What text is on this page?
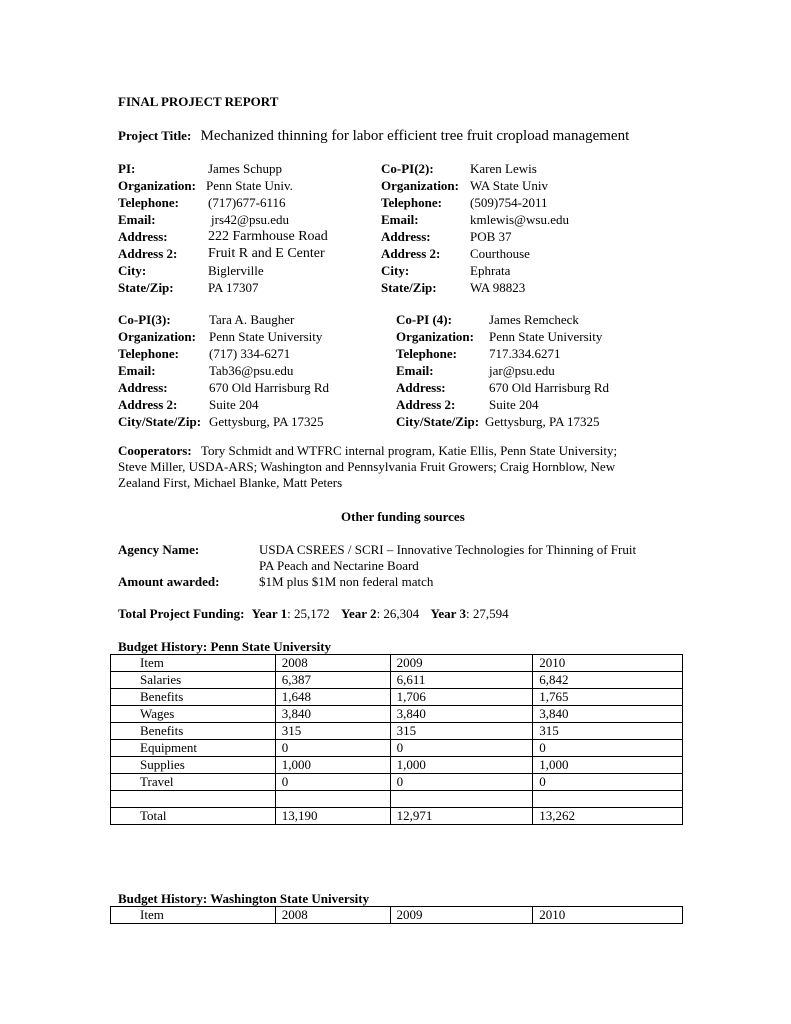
FINAL PROJECT REPORT
Project Title: Mechanized thinning for labor efficient tree fruit cropload management
PI:	James Schupp
Organization: Penn State Univ.
Telephone: (717)677-6116
Email:	jrs42@psu.edu
Address:	222 Farmhouse Road
Address 2: Fruit R and E Center
City:	Biglerville
State/Zip:	PA 17307
Co-PI(2):	Karen Lewis
Organization: WA State Univ
Telephone: (509)754-2011
Email:	kmlewis@wsu.edu
Address:	POB 37
Address 2: Courthouse
City:	Ephrata
State/Zip:	WA 98823
Co-PI(3):	Tara A. Baugher
Organization: Penn State University
Telephone: (717) 334-6271
Email:	Tab36@psu.edu
Address:	670 Old Harrisburg Rd
Address 2: Suite 204
City/State/Zip: Gettysburg, PA 17325
Co-PI (4):	James Remcheck
Organization: Penn State University
Telephone: 717.334.6271
Email:	jar@psu.edu
Address:	670 Old Harrisburg Rd
Address 2:	Suite 204
City/State/Zip: Gettysburg, PA 17325
Cooperators: Tory Schmidt and WTFRC internal program, Katie Ellis, Penn State University;
Steve Miller, USDA-ARS; Washington and Pennsylvania Fruit Growers; Craig Hornblow, New
Zealand First, Michael Blanke, Matt Peters
Other funding sources
Agency Name:	USDA CSREES / SCRI – Innovative Technologies for Thinning of Fruit
PA Peach and Nectarine Board
Amount awarded:	$1M plus $1M non federal match
Total Project Funding: Year 1: 25,172 Year 2: 26,304 Year 3: 27,594
Budget History: Penn State University
Item	2008	2009	2010
Salaries	6,387	6,611	6,842
Benefits	1,648	1,706	1,765
Wages	3,840	3,840	3,840
Benefits	315	315	315
Equipment	0	0	0
Supplies	1,000	1,000	1,000
Travel	0	0	0

Total	13,190	12,971	13,262
Budget History: Washington State University
Item	2008	2009	2010
